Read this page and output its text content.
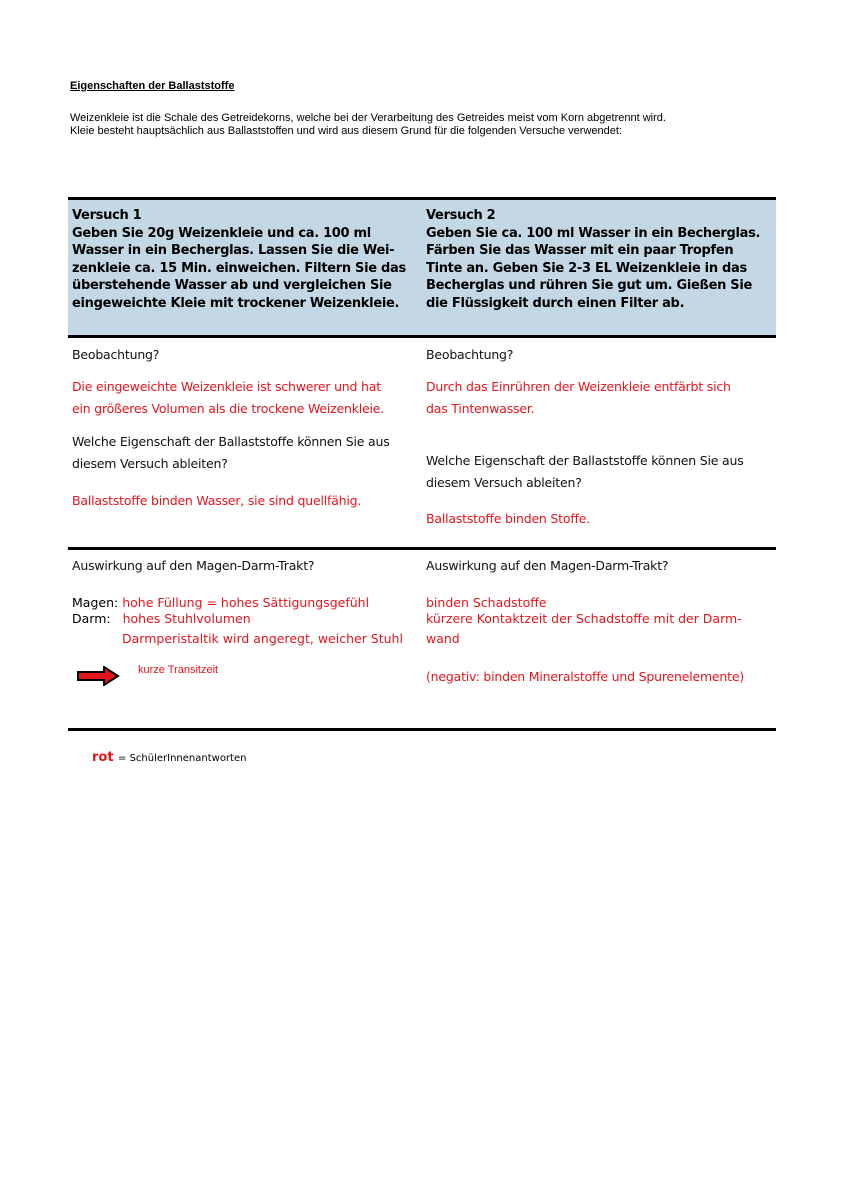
Eigenschaften der Ballaststoffe
Weizenkleie ist die Schale des Getreidekorns, welche bei der Verarbeitung des Getreides meist vom Korn abgetrennt wird.
Kleie besteht hauptsächlich aus Ballaststoffen und wird aus diesem Grund für die folgenden Versuche verwendet:
Versuch 1
Geben Sie 20g Weizenkleie und ca. 100 ml
Wasser in ein Becherglas. Lassen Sie die Wei-
zenkleie ca. 15 Min. einweichen. Filtern Sie das
überstehende Wasser ab und vergleichen Sie
eingeweichte Kleie mit trockener Weizenkleie.
Versuch 2
Geben Sie ca. 100 ml Wasser in ein Becherglas.
Färben Sie das Wasser mit ein paar Tropfen
Tinte an. Geben Sie 2-3 EL Weizenkleie in das
Becherglas und rühren Sie gut um. Gießen Sie
die Flüssigkeit durch einen Filter ab.
Beobachtung?
Die eingeweichte Weizenkleie ist schwerer und hat
ein größeres Volumen als die trockene Weizenkleie.
Welche Eigenschaft der Ballaststoffe können Sie aus
diesem Versuch ableiten?
Ballaststoffe binden Wasser, sie sind quellfähig.
Beobachtung?
Durch das Einrühren der Weizenkleie entfärbt sich
das Tintenwasser.
Welche Eigenschaft der Ballaststoffe können Sie aus
diesem Versuch ableiten?
Ballaststoffe binden Stoffe.
Auswirkung auf den Magen-Darm-Trakt?
Magen: hohe Füllung = hohes Sättigungsgefühl
Darm: hohes Stuhlvolumen
Darmperistaltik wird angeregt, weicher Stuhl
kurze Transitzeit
Auswirkung auf den Magen-Darm-Trakt?
binden Schadstoffe
kürzere Kontaktzeit der Schadstoffe mit der Darm-
wand
(negativ: binden Mineralstoffe und Spurenelemente)
rot = SchülerInnenantworten
